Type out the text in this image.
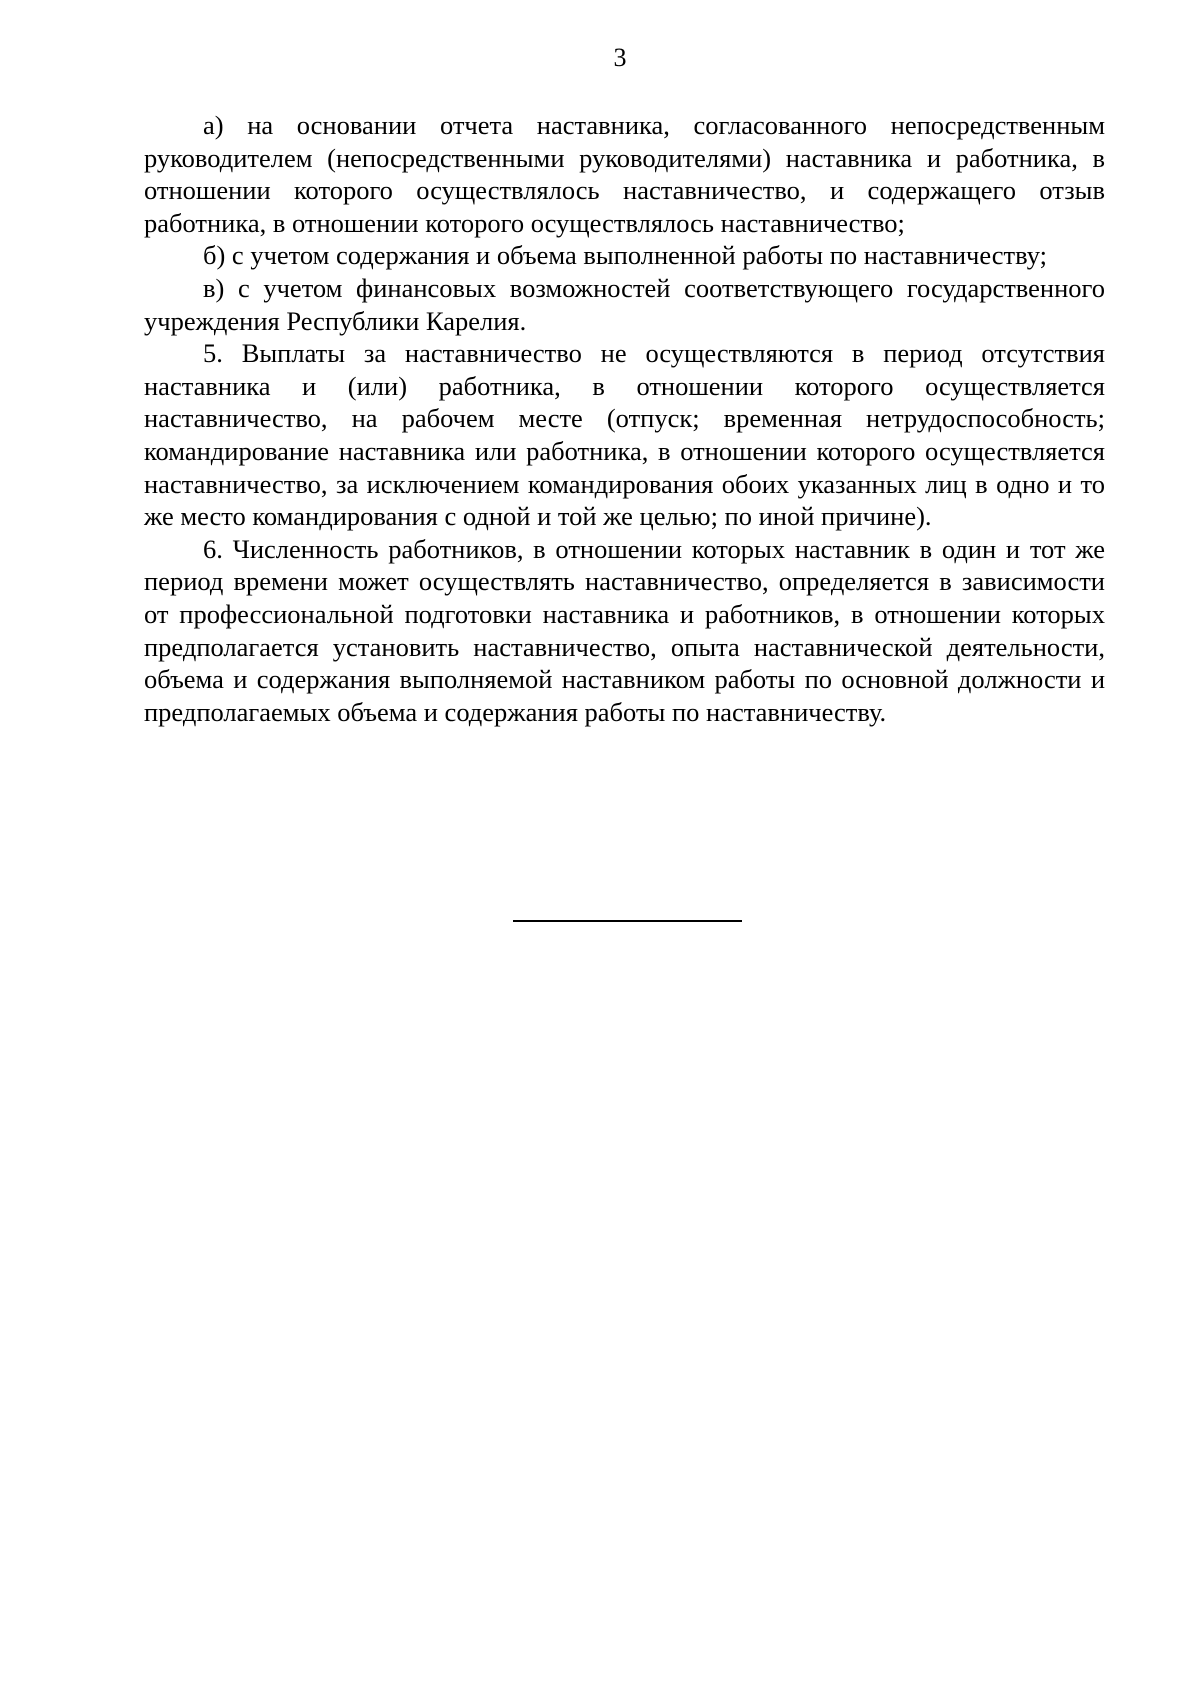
3

а) на основании отчета наставника, согласованного непосредственным руководителем (непосредственными руководителями) наставника и работника, в отношении которого осуществлялось наставничество, и содержащего отзыв работника, в отношении которого осуществлялось наставничество;

б) с учетом содержания и объема выполненной работы по наставничеству;

в) с учетом финансовых возможностей соответствующего государственного учреждения Республики Карелия.

5. Выплаты за наставничество не осуществляются в период отсутствия наставника и (или) работника, в отношении которого осуществляется наставничество, на рабочем месте (отпуск; временная нетрудоспособность; командирование наставника или работника, в отношении которого осуществляется наставничество, за исключением командирования обоих указанных лиц в одно и то же место командирования с одной и той же целью; по иной причине).

6. Численность работников, в отношении которых наставник в один и тот же период времени может осуществлять наставничество, определяется в зависимости от профессиональной подготовки наставника и работников, в отношении которых предполагается установить наставничество, опыта наставнической деятельности, объема и содержания выполняемой наставником работы по основной должности и предполагаемых объема и содержания работы по наставничеству.
